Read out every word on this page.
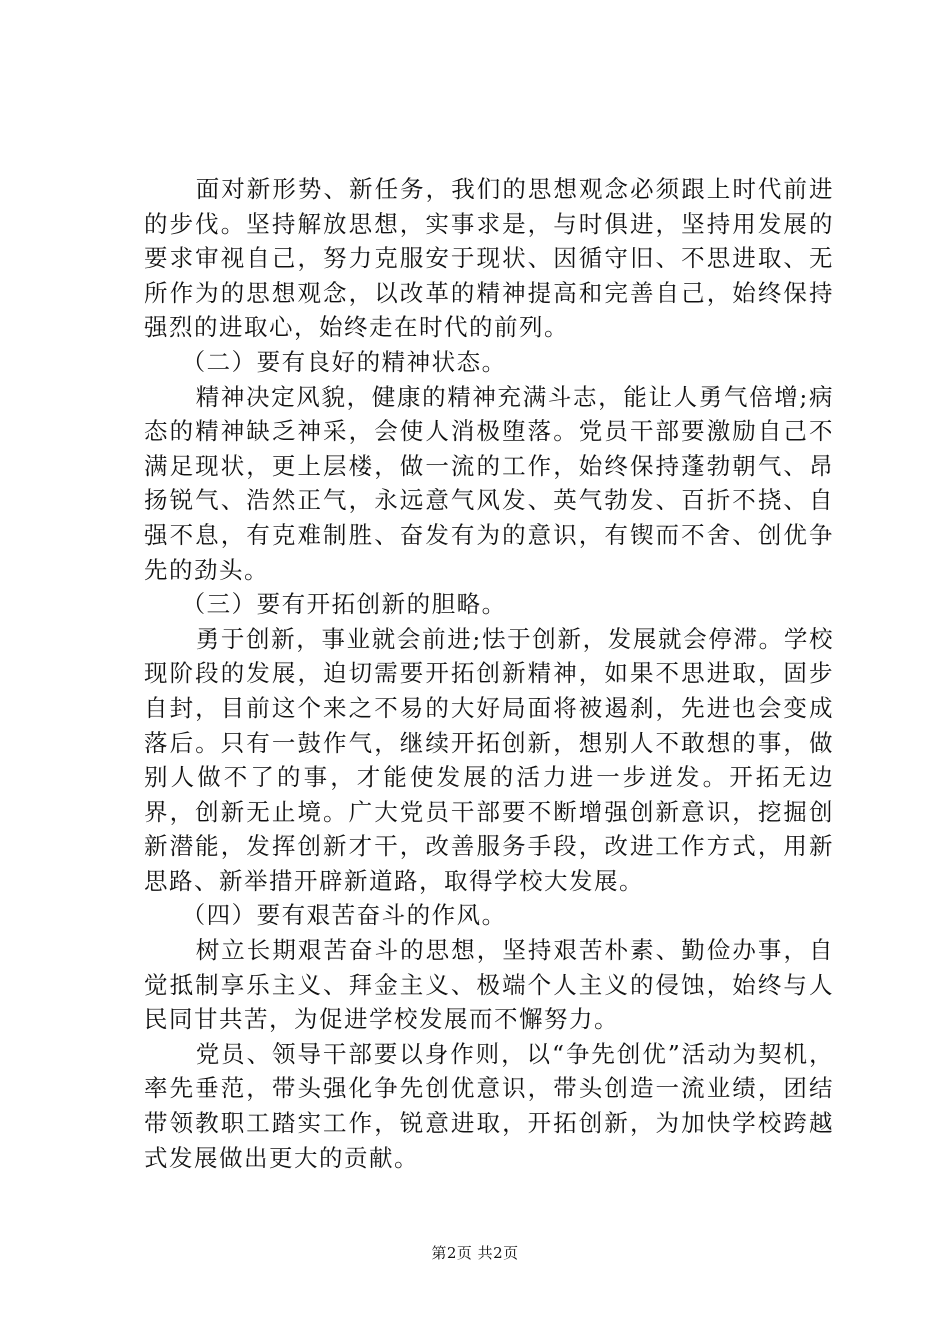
面对新形势、新任务，我们的思想观念必须跟上时代前进的步伐。坚持解放思想，实事求是，与时俱进，坚持用发展的要求审视自己，努力克服安于现状、因循守旧、不思进取、无所作为的思想观念，以改革的精神提高和完善自己，始终保持强烈的进取心，始终走在时代的前列。

（二）要有良好的精神状态。

精神决定风貌，健康的精神充满斗志，能让人勇气倍增;病态的精神缺乏神采，会使人消极堕落。党员干部要激励自己不满足现状，更上层楼，做一流的工作，始终保持蓬勃朝气、昂扬锐气、浩然正气，永远意气风发、英气勃发、百折不挠、自强不息，有克难制胜、奋发有为的意识，有锲而不舍、创优争先的劲头。

（三）要有开拓创新的胆略。

勇于创新，事业就会前进;怯于创新，发展就会停滞。学校现阶段的发展，迫切需要开拓创新精神，如果不思进取，固步自封，目前这个来之不易的大好局面将被遏刹，先进也会变成落后。只有一鼓作气，继续开拓创新，想别人不敢想的事，做别人做不了的事，才能使发展的活力进一步迸发。开拓无边界，创新无止境。广大党员干部要不断增强创新意识，挖掘创新潜能，发挥创新才干，改善服务手段，改进工作方式，用新思路、新举措开辟新道路，取得学校大发展。

（四）要有艰苦奋斗的作风。

树立长期艰苦奋斗的思想，坚持艰苦朴素、勤俭办事，自觉抵制享乐主义、拜金主义、极端个人主义的侵蚀，始终与人民同甘共苦，为促进学校发展而不懈努力。

党员、领导干部要以身作则，以“争先创优”活动为契机，率先垂范，带头强化争先创优意识，带头创造一流业绩，团结带领教职工踏实工作，锐意进取，开拓创新，为加快学校跨越式发展做出更大的贡献。

第2页 共2页
